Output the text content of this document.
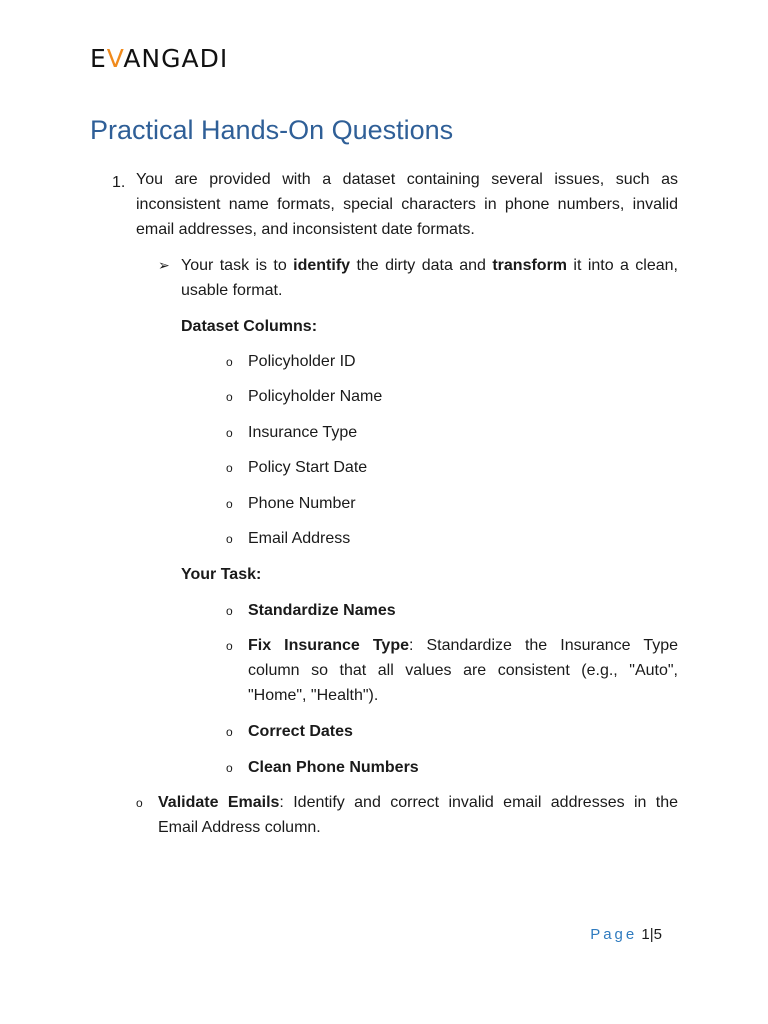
EVANGADI
Practical Hands-On Questions
1. You are provided with a dataset containing several issues, such as inconsistent name formats, special characters in phone numbers, invalid email addresses, and inconsistent date formats.
➢ Your task is to identify the dirty data and transform it into a clean, usable format.
Dataset Columns:
o Policyholder ID
o Policyholder Name
o Insurance Type
o Policy Start Date
o Phone Number
o Email Address
Your Task:
o Standardize Names
o Fix Insurance Type: Standardize the Insurance Type column so that all values are consistent (e.g., "Auto", "Home", "Health").
o Correct Dates
o Clean Phone Numbers
o Validate Emails: Identify and correct invalid email addresses in the Email Address column.
Page 1|5
